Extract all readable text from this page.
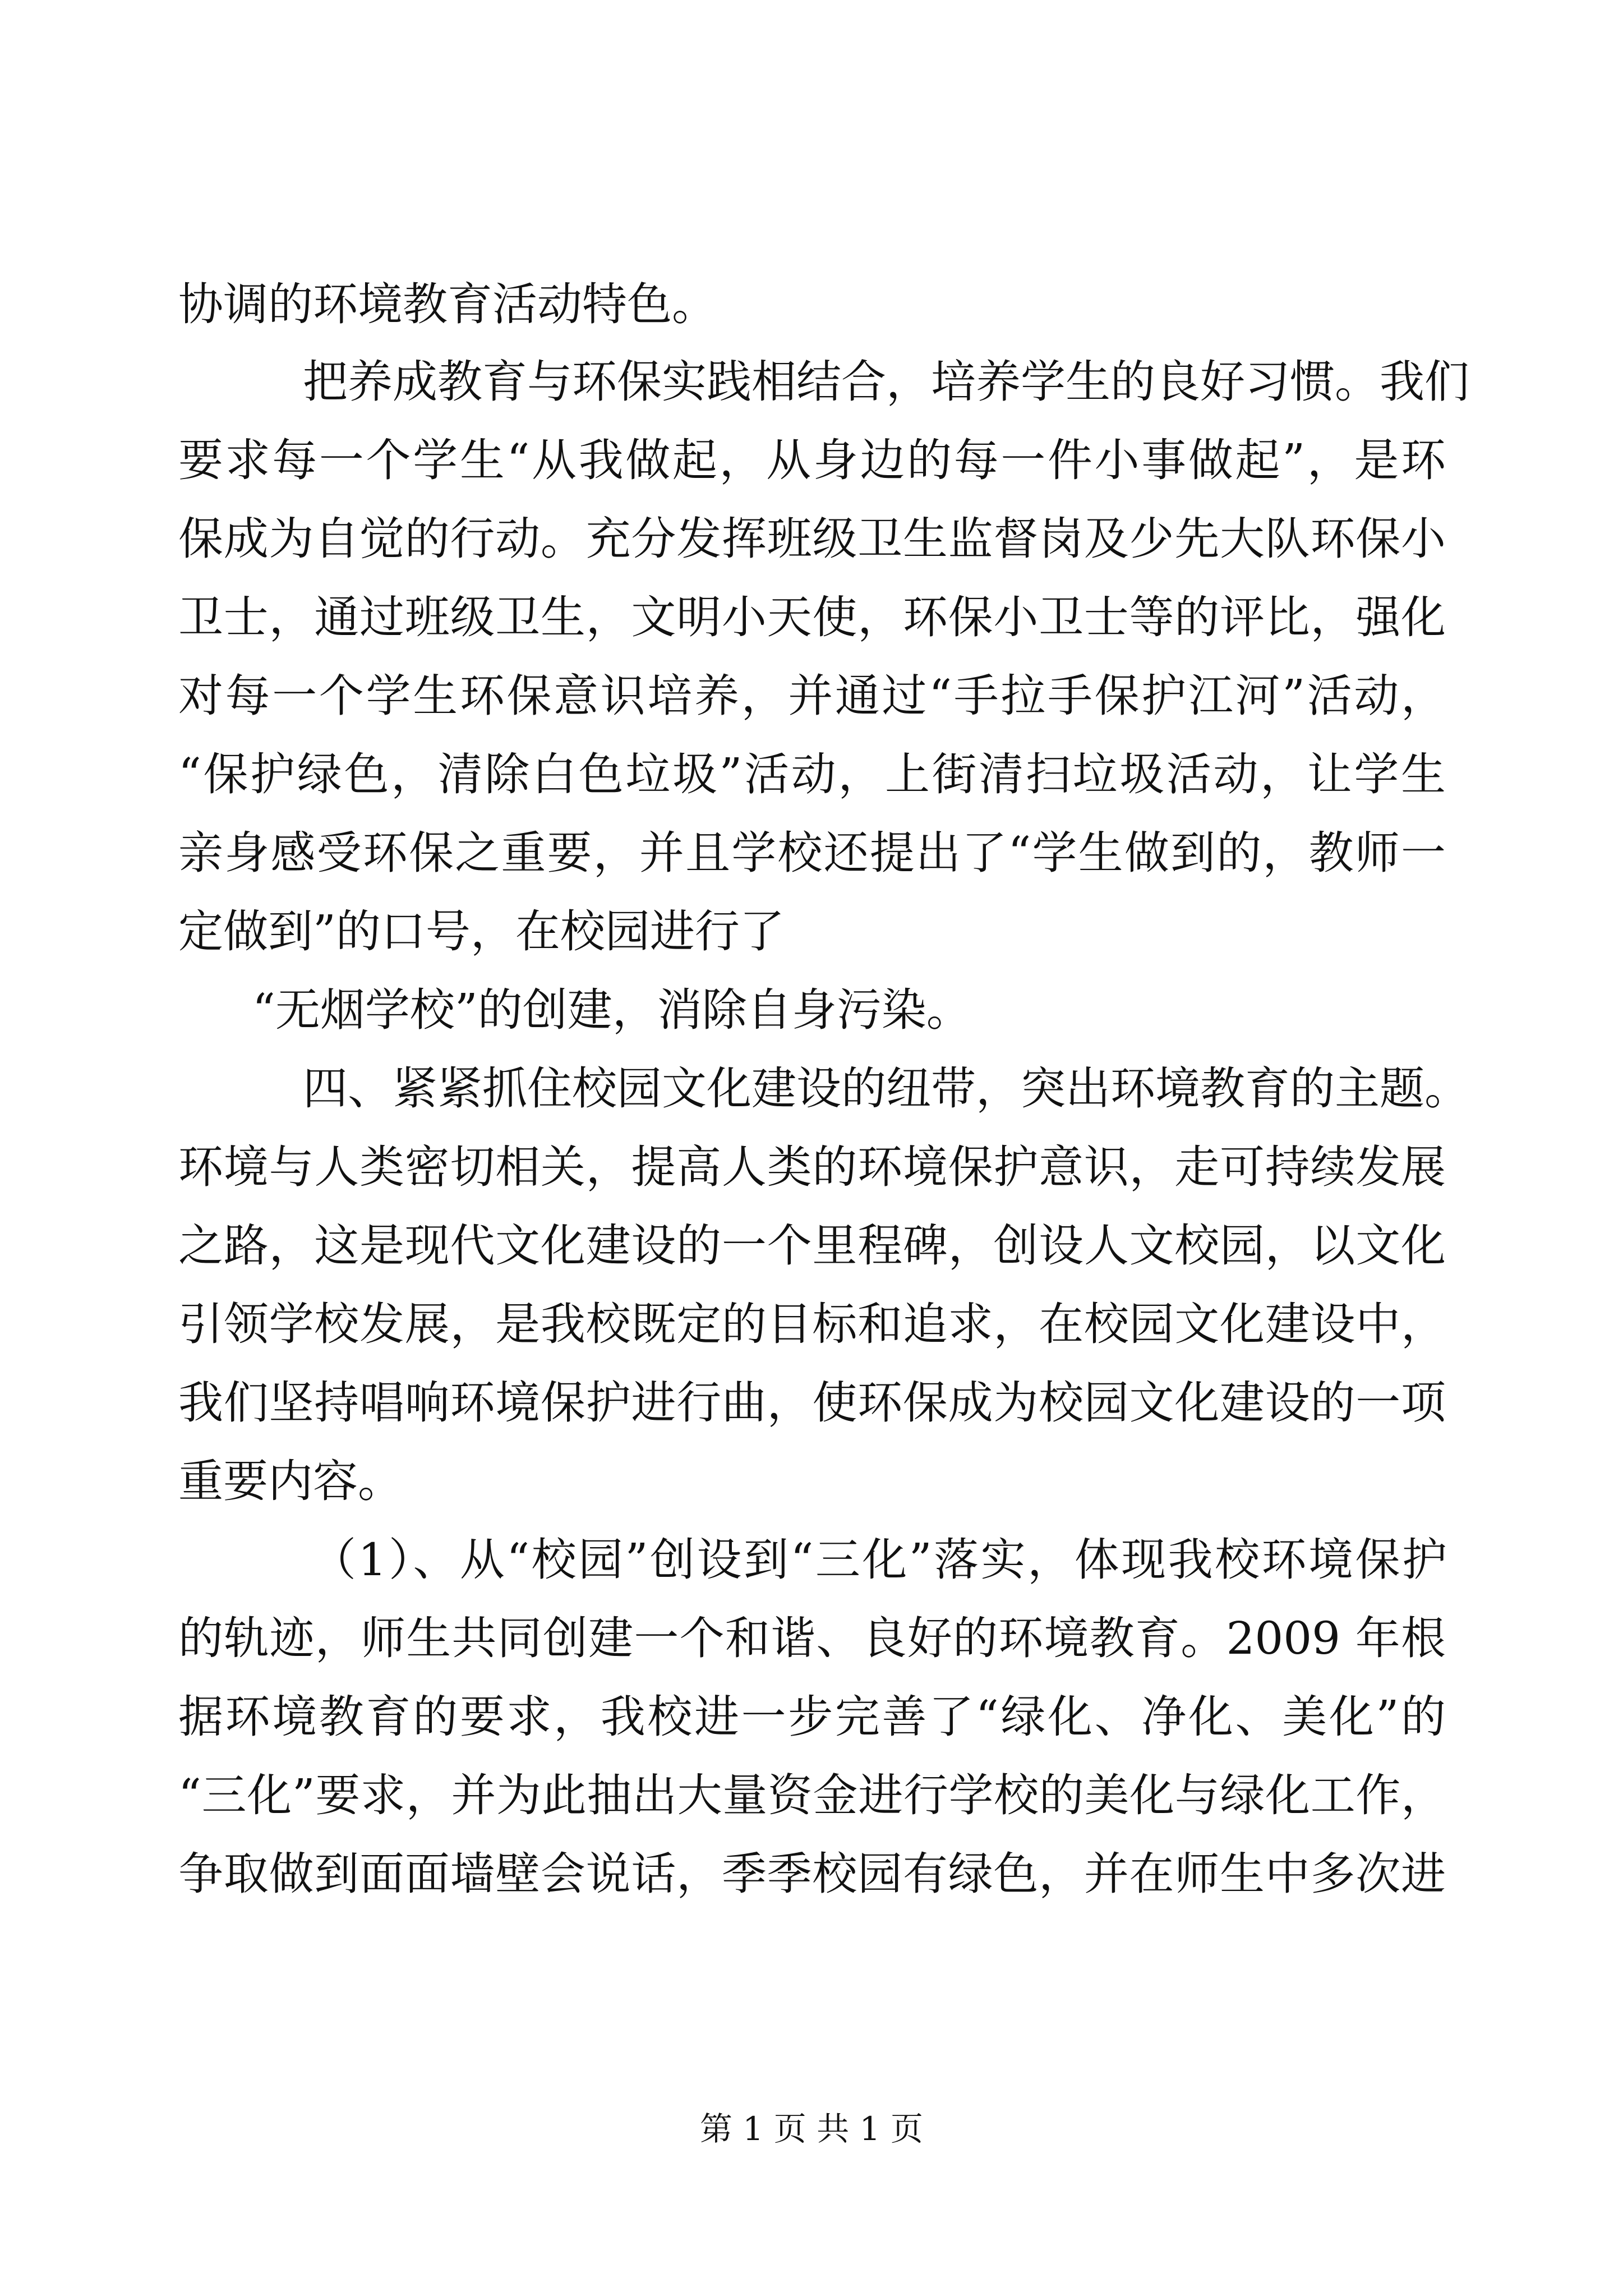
协调的环境教育活动特色。
把养成教育与环保实践相结合，培养学生的良好习惯。我们
要求每一个学生“从我做起，从身边的每一件小事做起”，是环
保成为自觉的行动。充分发挥班级卫生监督岗及少先大队环保小
卫士，通过班级卫生，文明小天使，环保小卫士等的评比，强化
对每一个学生环保意识培养，并通过“手拉手保护江河”活动，
“保护绿色，清除白色垃圾”活动，上街清扫垃圾活动，让学生
亲身感受环保之重要，并且学校还提出了“学生做到的，教师一
定做到”的口号，在校园进行了
“无烟学校”的创建，消除自身污染。
四、紧紧抓住校园文化建设的纽带，突出环境教育的主题。
环境与人类密切相关，提高人类的环境保护意识，走可持续发展
之路，这是现代文化建设的一个里程碑，创设人文校园，以文化
引领学校发展，是我校既定的目标和追求，在校园文化建设中，
我们坚持唱响环境保护进行曲，使环保成为校园文化建设的一项
重要内容。
（1）、从“校园”创设到“三化”落实，体现我校环境保护
的轨迹，师生共同创建一个和谐、良好的环境教育。2009 年根
据环境教育的要求，我校进一步完善了“绿化、净化、美化”的
“三化”要求，并为此抽出大量资金进行学校的美化与绿化工作，
争取做到面面墙壁会说话，季季校园有绿色，并在师生中多次进
第 1 页 共 1 页
